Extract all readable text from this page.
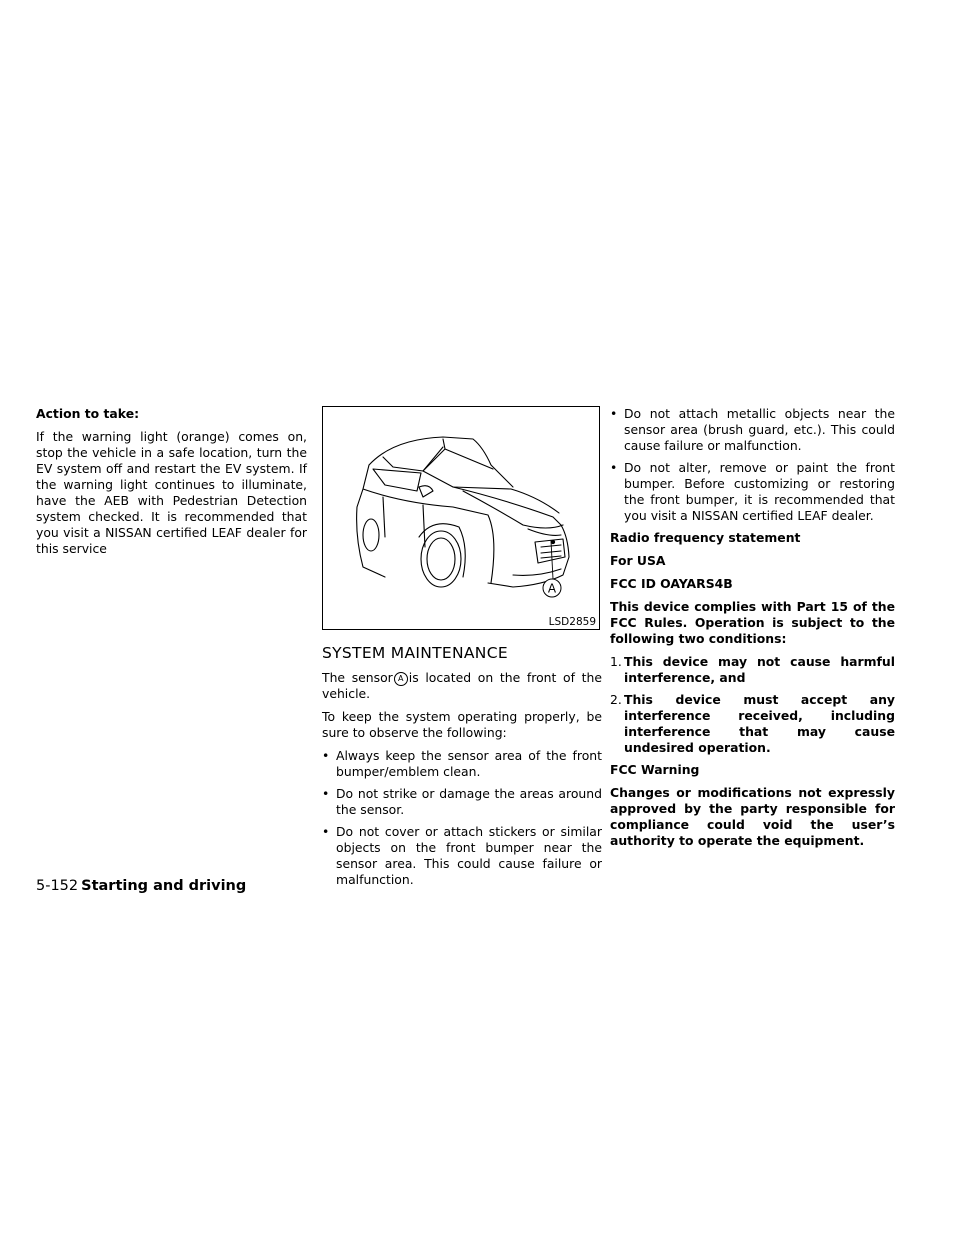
Action to take:

If the warning light (orange) comes on, stop the vehicle in a safe location, turn the EV system off and restart the EV system. If the warning light continues to illuminate, have the AEB with Pedestrian Detection system checked. It is recommended that you visit a NISSAN certified LEAF dealer for this service

A
LSD2859

SYSTEM MAINTENANCE

The sensor A is located on the front of the vehicle.

To keep the system operating properly, be sure to observe the following:

• Always keep the sensor area of the front bumper/emblem clean.

• Do not strike or damage the areas around the sensor.

• Do not cover or attach stickers or similar objects on the front bumper near the sensor area. This could cause failure or malfunction.

• Do not attach metallic objects near the sensor area (brush guard, etc.). This could cause failure or malfunction.

• Do not alter, remove or paint the front bumper. Before customizing or restoring the front bumper, it is recommended that you visit a NISSAN certified LEAF dealer.

Radio frequency statement

For USA

FCC ID OAYARS4B

This device complies with Part 15 of the FCC Rules. Operation is subject to the following two conditions:

1. This device may not cause harmful interference, and

2. This device must accept any interference received, including interference that may cause undesired operation.

FCC Warning

Changes or modifications not expressly approved by the party responsible for compliance could void the user’s authority to operate the equipment.

5-152 Starting and driving
